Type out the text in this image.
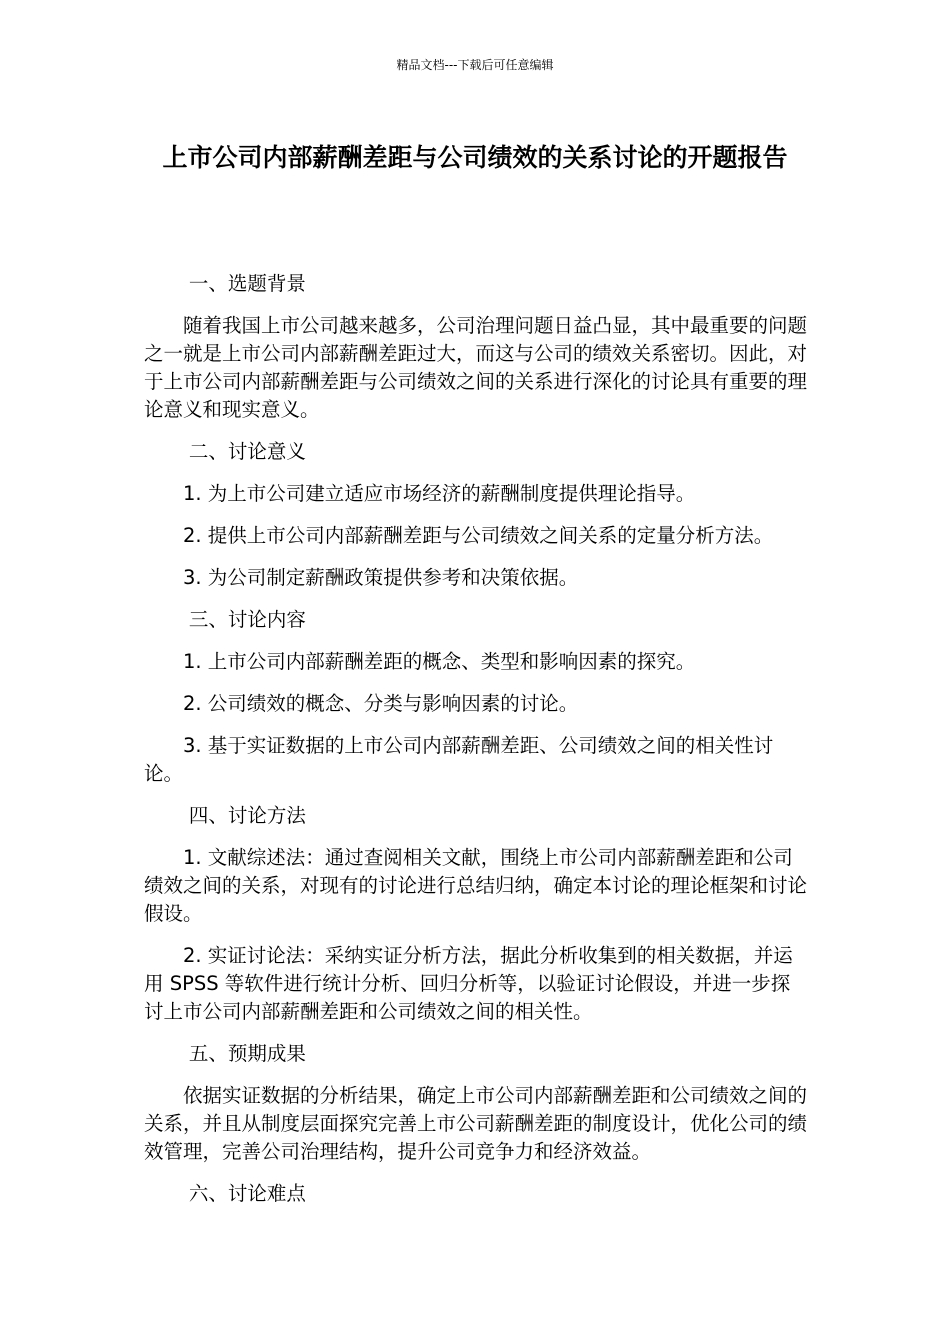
精品文档---下载后可任意编辑
上市公司内部薪酬差距与公司绩效的关系讨论的开题报告

一、选题背景

随着我国上市公司越来越多，公司治理问题日益凸显，其中最重要的问题之一就是上市公司内部薪酬差距过大，而这与公司的绩效关系密切。因此，对于上市公司内部薪酬差距与公司绩效之间的关系进行深化的讨论具有重要的理论意义和现实意义。

二、讨论意义

1. 为上市公司建立适应市场经济的薪酬制度提供理论指导。

2. 提供上市公司内部薪酬差距与公司绩效之间关系的定量分析方法。

3. 为公司制定薪酬政策提供参考和决策依据。

三、讨论内容

1. 上市公司内部薪酬差距的概念、类型和影响因素的探究。

2. 公司绩效的概念、分类与影响因素的讨论。

3. 基于实证数据的上市公司内部薪酬差距、公司绩效之间的相关性讨论。

四、讨论方法

1. 文献综述法：通过查阅相关文献，围绕上市公司内部薪酬差距和公司绩效之间的关系，对现有的讨论进行总结归纳，确定本讨论的理论框架和讨论假设。

2. 实证讨论法：采纳实证分析方法，据此分析收集到的相关数据，并运用 SPSS 等软件进行统计分析、回归分析等，以验证讨论假设，并进一步探讨上市公司内部薪酬差距和公司绩效之间的相关性。

五、预期成果

依据实证数据的分析结果，确定上市公司内部薪酬差距和公司绩效之间的关系，并且从制度层面探究完善上市公司薪酬差距的制度设计，优化公司的绩效管理，完善公司治理结构，提升公司竞争力和经济效益。

六、讨论难点
